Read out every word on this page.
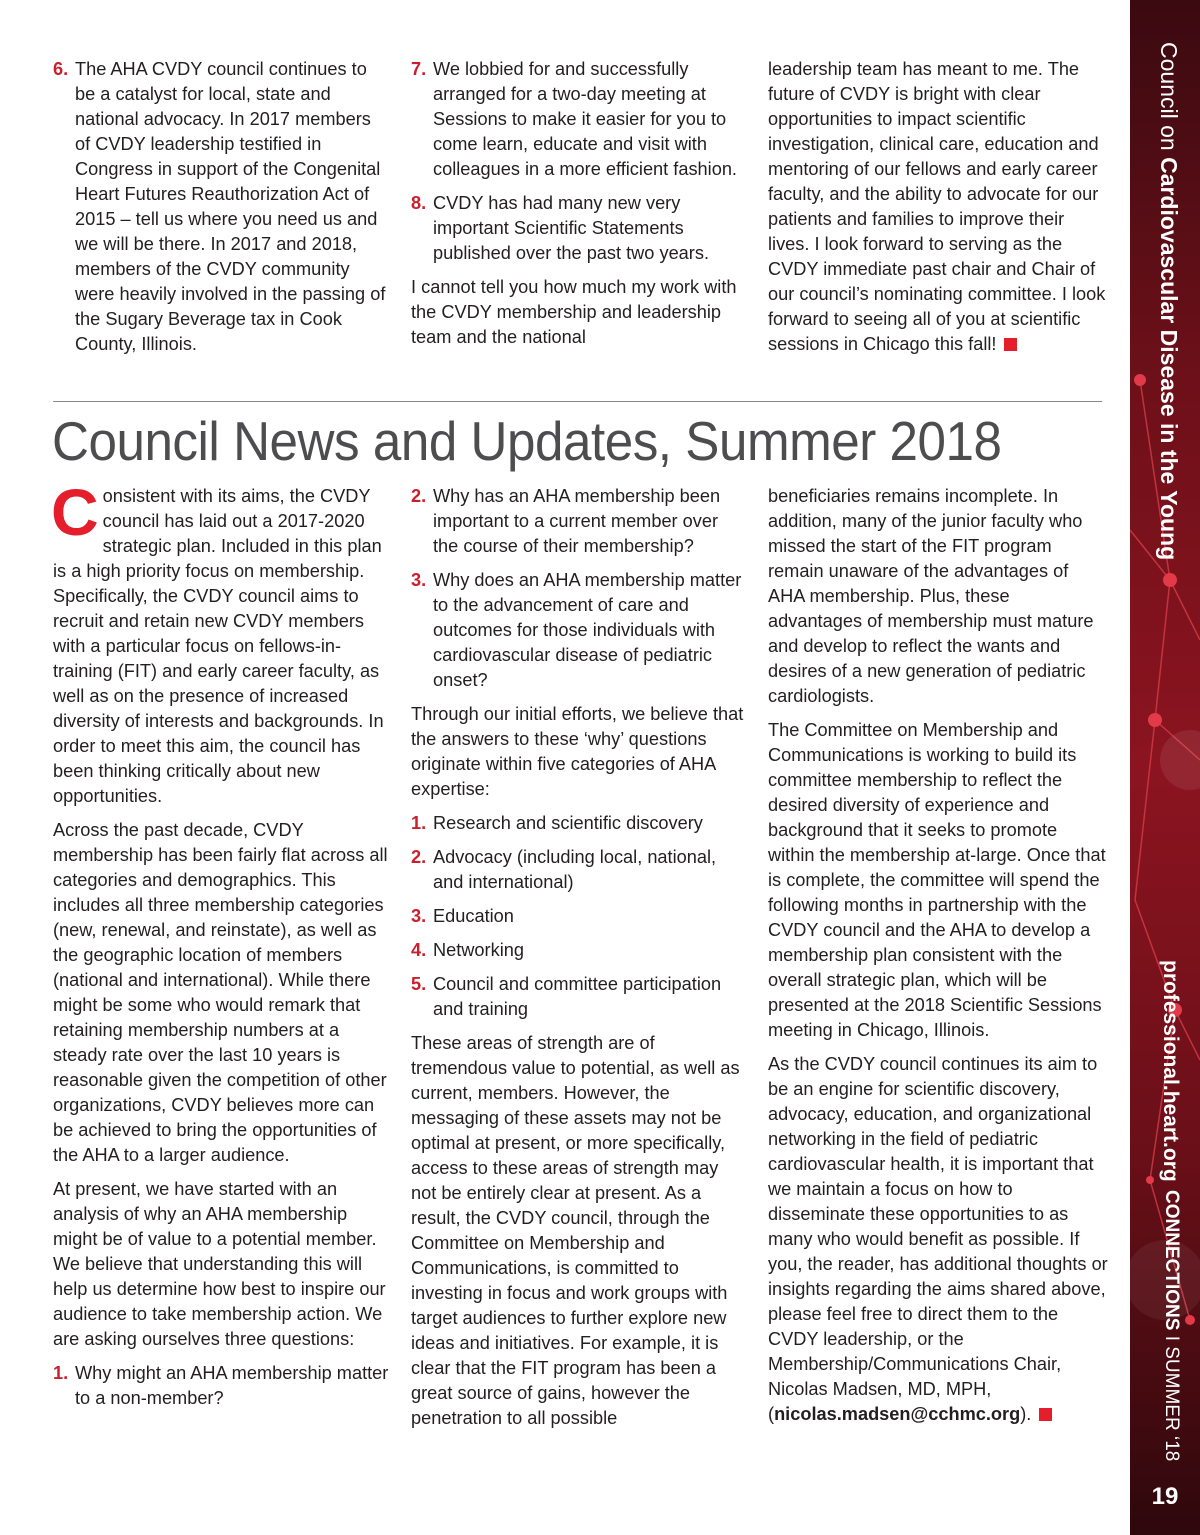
6. The AHA CVDY council continues to be a catalyst for local, state and national advocacy. In 2017 members of CVDY leadership testified in Congress in support of the Congenital Heart Futures Reauthorization Act of 2015 – tell us where you need us and we will be there. In 2017 and 2018, members of the CVDY community were heavily involved in the passing of the Sugary Beverage tax in Cook County, Illinois.
7. We lobbied for and successfully arranged for a two-day meeting at Sessions to make it easier for you to come learn, educate and visit with colleagues in a more efficient fashion.
8. CVDY has had many new very important Scientific Statements published over the past two years.

I cannot tell you how much my work with the CVDY membership and leadership team and the national

leadership team has meant to me. The future of CVDY is bright with clear opportunities to impact scientific investigation, clinical care, education and mentoring of our fellows and early career faculty, and the ability to advocate for our patients and families to improve their lives. I look forward to serving as the CVDY immediate past chair and Chair of our council’s nominating committee. I look forward to seeing all of you at scientific sessions in Chicago this fall!

Council News and Updates, Summer 2018

Consistent with its aims, the CVDY council has laid out a 2017-2020 strategic plan. Included in this plan is a high priority focus on membership. Specifically, the CVDY council aims to recruit and retain new CVDY members with a particular focus on fellows-in-training (FIT) and early career faculty, as well as on the presence of increased diversity of interests and backgrounds. In order to meet this aim, the council has been thinking critically about new opportunities.

Across the past decade, CVDY membership has been fairly flat across all categories and demographics. This includes all three membership categories (new, renewal, and reinstate), as well as the geographic location of members (national and international). While there might be some who would remark that retaining membership numbers at a steady rate over the last 10 years is reasonable given the competition of other organizations, CVDY believes more can be achieved to bring the opportunities of the AHA to a larger audience.

At present, we have started with an analysis of why an AHA membership might be of value to a potential member. We believe that understanding this will help us determine how best to inspire our audience to take membership action. We are asking ourselves three questions:

1. Why might an AHA membership matter to a non-member?
2. Why has an AHA membership been important to a current member over the course of their membership?
3. Why does an AHA membership matter to the advancement of care and outcomes for those individuals with cardiovascular disease of pediatric onset?

Through our initial efforts, we believe that the answers to these ‘why’ questions originate within five categories of AHA expertise:

1. Research and scientific discovery
2. Advocacy (including local, national, and international)
3. Education
4. Networking
5. Council and committee participation and training

These areas of strength are of tremendous value to potential, as well as current, members. However, the messaging of these assets may not be optimal at present, or more specifically, access to these areas of strength may not be entirely clear at present. As a result, the CVDY council, through the Committee on Membership and Communications, is committed to investing in focus and work groups with target audiences to further explore new ideas and initiatives. For example, it is clear that the FIT program has been a great source of gains, however the penetration to all possible

beneficiaries remains incomplete. In addition, many of the junior faculty who missed the start of the FIT program remain unaware of the advantages of AHA membership. Plus, these advantages of membership must mature and develop to reflect the wants and desires of a new generation of pediatric cardiologists.

The Committee on Membership and Communications is working to build its committee membership to reflect the desired diversity of experience and background that it seeks to promote within the membership at-large. Once that is complete, the committee will spend the following months in partnership with the CVDY council and the AHA to develop a membership plan consistent with the overall strategic plan, which will be presented at the 2018 Scientific Sessions meeting in Chicago, Illinois.

As the CVDY council continues its aim to be an engine for scientific discovery, advocacy, education, and organizational networking in the field of pediatric cardiovascular health, it is important that we maintain a focus on how to disseminate these opportunities to as many who would benefit as possible. If you, the reader, has additional thoughts or insights regarding the aims shared above, please feel free to direct them to the CVDY leadership, or the Membership/Communications Chair, Nicolas Madsen, MD, MPH,
(nicolas.madsen@cchmc.org).

Council on Cardiovascular Disease in the Young
professional.heart.org
CONNECTIONS I SUMMER ‘18
19
